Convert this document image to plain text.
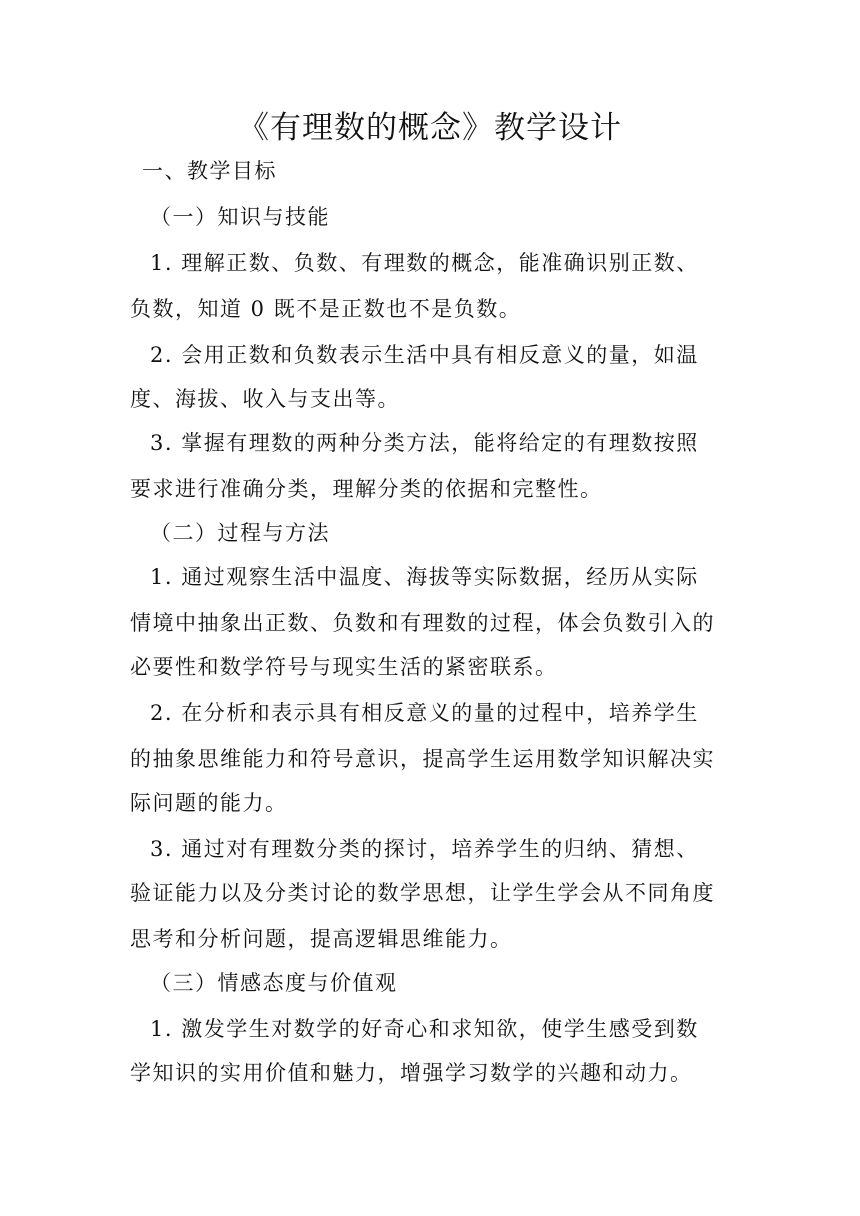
《有理数的概念》教学设计
一、教学目标
（一）知识与技能
1. 理解正数、负数、有理数的概念，能准确识别正数、
负数，知道 0 既不是正数也不是负数。
2. 会用正数和负数表示生活中具有相反意义的量，如温
度、海拔、收入与支出等。
3. 掌握有理数的两种分类方法，能将给定的有理数按照
要求进行准确分类，理解分类的依据和完整性。
（二）过程与方法
1. 通过观察生活中温度、海拔等实际数据，经历从实际
情境中抽象出正数、负数和有理数的过程，体会负数引入的
必要性和数学符号与现实生活的紧密联系。
2. 在分析和表示具有相反意义的量的过程中，培养学生
的抽象思维能力和符号意识，提高学生运用数学知识解决实
际问题的能力。
3. 通过对有理数分类的探讨，培养学生的归纳、猜想、
验证能力以及分类讨论的数学思想，让学生学会从不同角度
思考和分析问题，提高逻辑思维能力。
（三）情感态度与价值观
1. 激发学生对数学的好奇心和求知欲，使学生感受到数
学知识的实用价值和魅力，增强学习数学的兴趣和动力。
